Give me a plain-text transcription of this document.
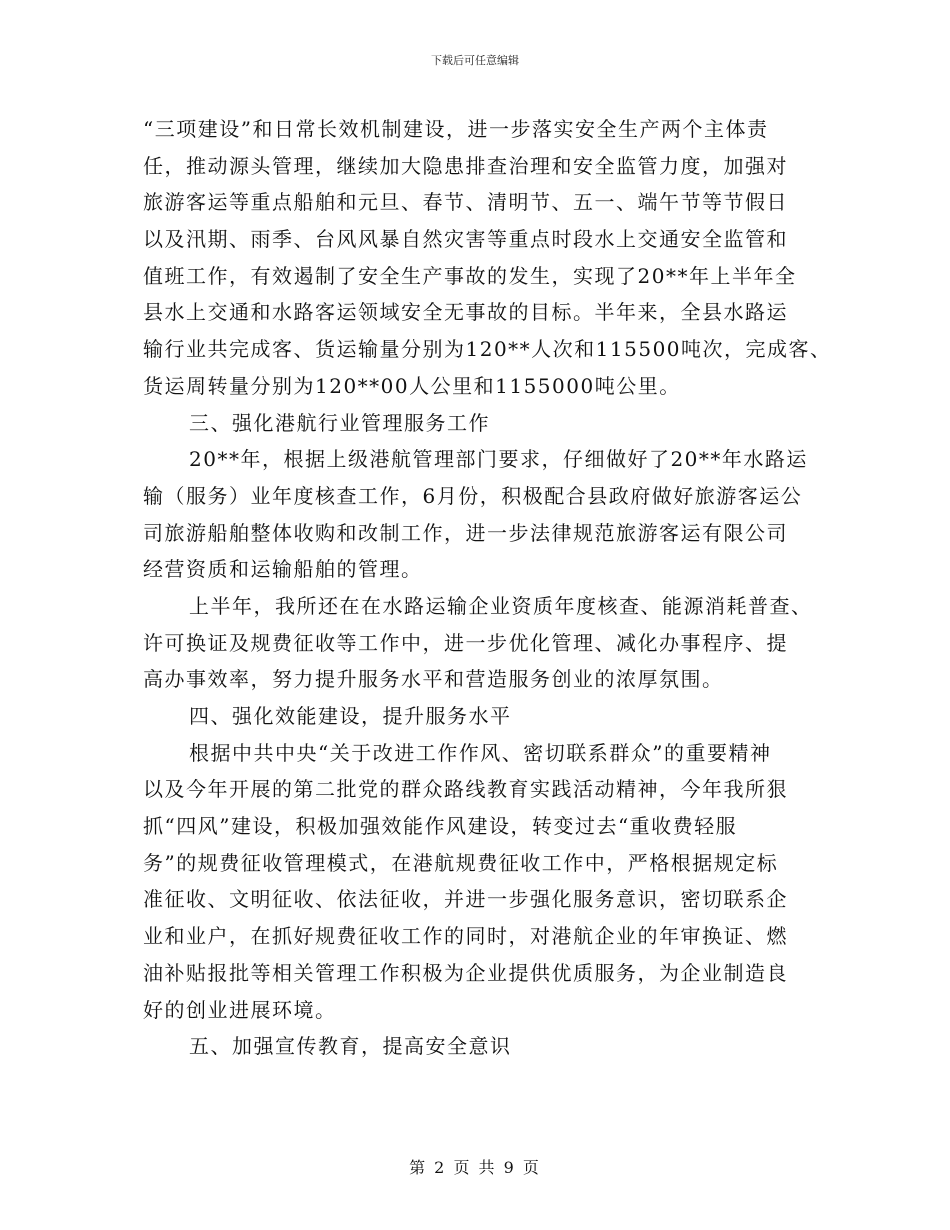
下载后可任意编辑
“三项建设”和日常长效机制建设，进一步落实安全生产两个主体责
任，推动源头管理，继续加大隐患排查治理和安全监管力度，加强对
旅游客运等重点船舶和元旦、春节、清明节、五一、端午节等节假日
以及汛期、雨季、台风风暴自然灾害等重点时段水上交通安全监管和
值班工作，有效遏制了安全生产事故的发生，实现了20**年上半年全
县水上交通和水路客运领域安全无事故的目标。半年来，全县水路运
输行业共完成客、货运输量分别为120**人次和115500吨次，完成客、
货运周转量分别为120**00人公里和1155000吨公里。
三、强化港航行业管理服务工作
20**年，根据上级港航管理部门要求，仔细做好了20**年水路运
输（服务）业年度核查工作，6月份，积极配合县政府做好旅游客运公
司旅游船舶整体收购和改制工作，进一步法律规范旅游客运有限公司
经营资质和运输船舶的管理。
上半年，我所还在在水路运输企业资质年度核查、能源消耗普查、
许可换证及规费征收等工作中，进一步优化管理、减化办事程序、提
高办事效率，努力提升服务水平和营造服务创业的浓厚氛围。
四、强化效能建设，提升服务水平
根据中共中央“关于改进工作作风、密切联系群众”的重要精神
以及今年开展的第二批党的群众路线教育实践活动精神，今年我所狠
抓“四风”建设，积极加强效能作风建设，转变过去“重收费轻服
务”的规费征收管理模式，在港航规费征收工作中，严格根据规定标
准征收、文明征收、依法征收，并进一步强化服务意识，密切联系企
业和业户，在抓好规费征收工作的同时，对港航企业的年审换证、燃
油补贴报批等相关管理工作积极为企业提供优质服务，为企业制造良
好的创业进展环境。
五、加强宣传教育，提高安全意识
第 2 页 共 9 页
